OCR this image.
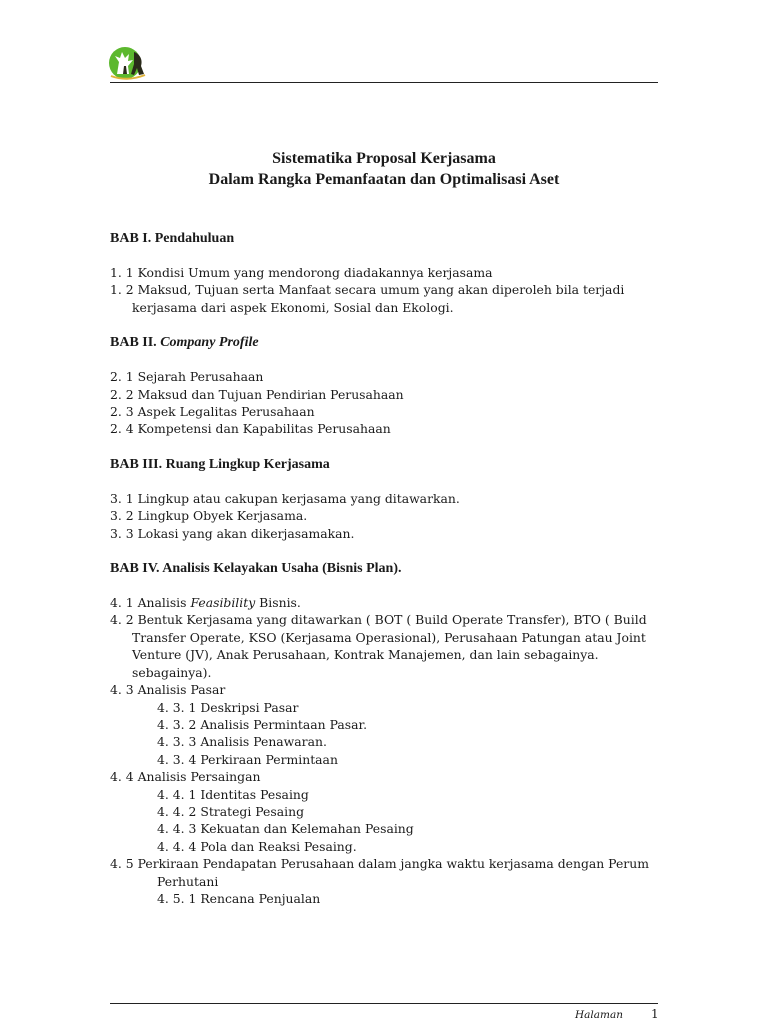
Sistematika Proposal Kerjasama

Dalam Rangka Pemanfaatan dan Optimalisasi Aset

BAB I. Pendahuluan

1. 1 Kondisi Umum yang mendorong diadakannya kerjasama

1. 2 Maksud, Tujuan serta Manfaat secara umum yang akan diperoleh bila terjadi

kerjasama dari aspek Ekonomi, Sosial dan Ekologi.

BAB II. Company Profile

2. 1 Sejarah Perusahaan

2. 2 Maksud dan Tujuan Pendirian Perusahaan

2. 3 Aspek Legalitas Perusahaan

2. 4 Kompetensi dan Kapabilitas Perusahaan

BAB III. Ruang Lingkup Kerjasama

3. 1 Lingkup atau cakupan kerjasama yang ditawarkan.

3. 2 Lingkup Obyek Kerjasama.

3. 3 Lokasi yang akan dikerjasamakan.

BAB IV. Analisis Kelayakan Usaha (Bisnis Plan).

4. 1 Analisis Feasibility Bisnis.

4. 2 Bentuk Kerjasama yang ditawarkan ( BOT ( Build Operate Transfer), BTO ( Build

Transfer Operate, KSO (Kerjasama Operasional), Perusahaan Patungan atau Joint

Venture (JV), Anak Perusahaan, Kontrak Manajemen, dan lain sebagainya.

sebagainya).

4. 3 Analisis Pasar

4. 3. 1 Deskripsi Pasar

4. 3. 2 Analisis Permintaan Pasar.

4. 3. 3 Analisis Penawaran.

4. 3. 4 Perkiraan Permintaan

4. 4 Analisis Persaingan

4. 4. 1 Identitas Pesaing

4. 4. 2 Strategi Pesaing

4. 4. 3 Kekuatan dan Kelemahan Pesaing

4. 4. 4 Pola dan Reaksi Pesaing.

4. 5 Perkiraan Pendapatan Perusahaan dalam jangka waktu kerjasama dengan Perum

Perhutani

4. 5. 1 Rencana Penjualan

Halaman 1
